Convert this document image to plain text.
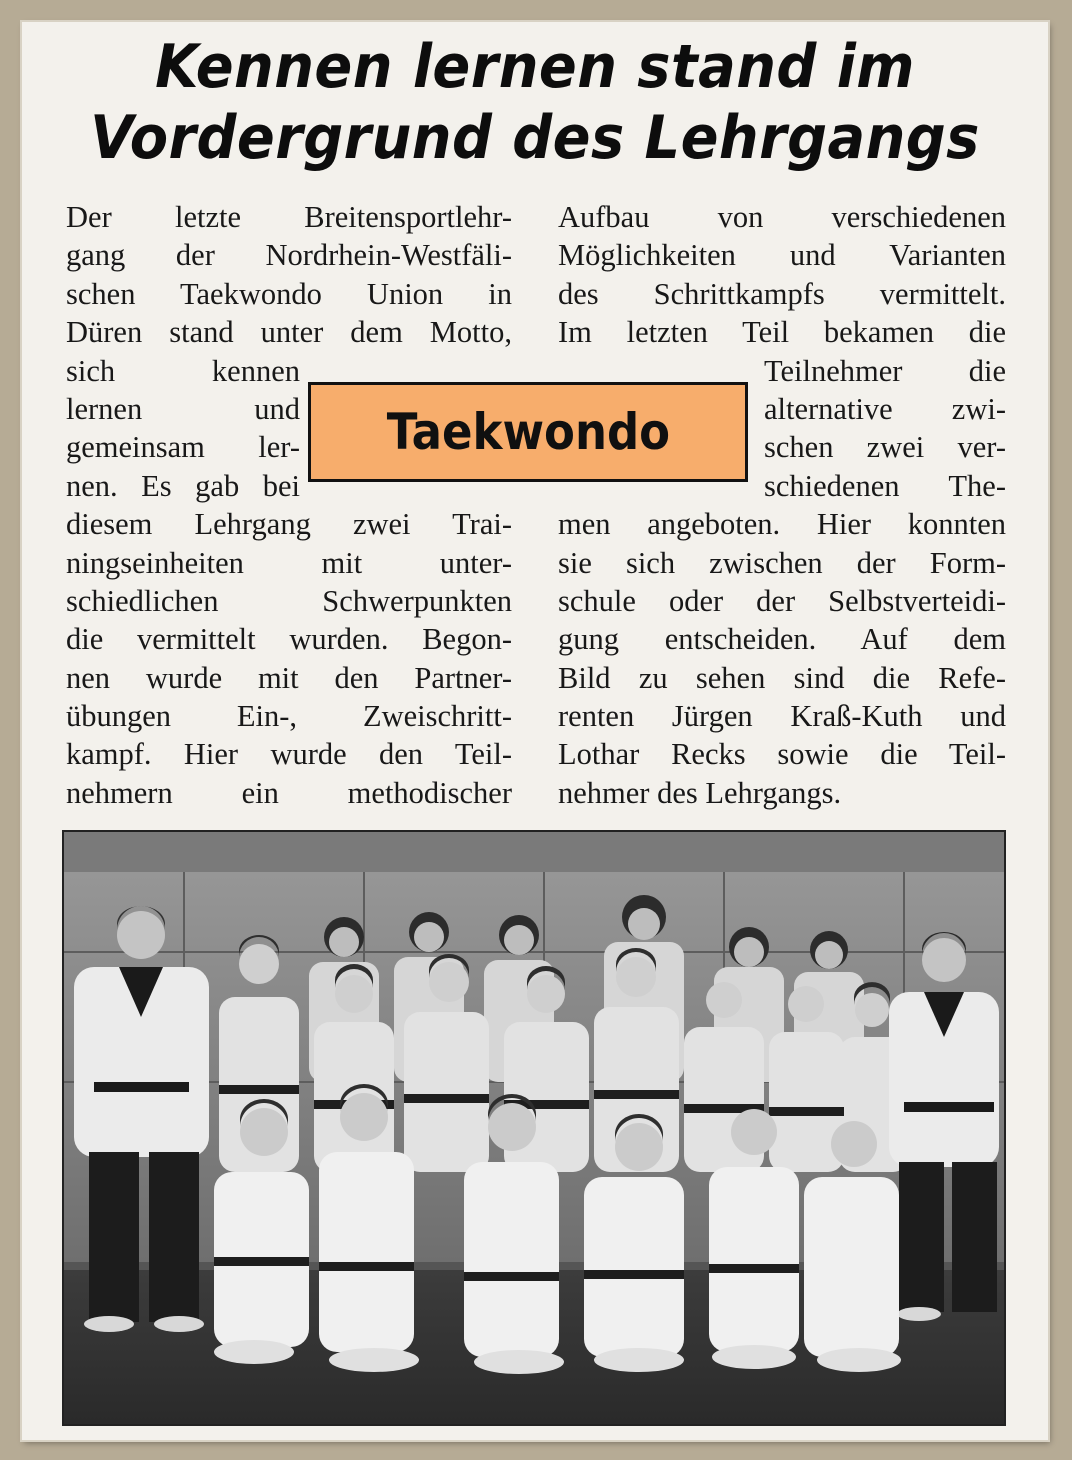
Kennen lernen stand im
Vordergrund des Lehrgangs
Der letzte Breitensportlehr-
gang der Nordrhein-Westfäli-
schen Taekwondo Union in
Düren stand unter dem Motto,
sich kennen
lernen und
gemeinsam ler-
nen. Es gab bei
diesem Lehrgang zwei Trai-
ningseinheiten mit unter-
schiedlichen Schwerpunkten
die vermittelt wurden. Begon-
nen wurde mit den Partner-
übungen Ein-, Zweischritt-
kampf. Hier wurde den Teil-
nehmern ein methodischer
Taekwondo
Aufbau von verschiedenen
Möglichkeiten und Varianten
des Schrittkampfs vermittelt.
Im letzten Teil bekamen die
Teilnehmer die
alternative zwi-
schen zwei ver-
schiedenen The-
men angeboten. Hier konnten
sie sich zwischen der Form-
schule oder der Selbstverteidi-
gung entscheiden. Auf dem
Bild zu sehen sind die Refe-
renten Jürgen Kraß-Kuth und
Lothar Recks sowie die Teil-
nehmer des Lehrgangs.
